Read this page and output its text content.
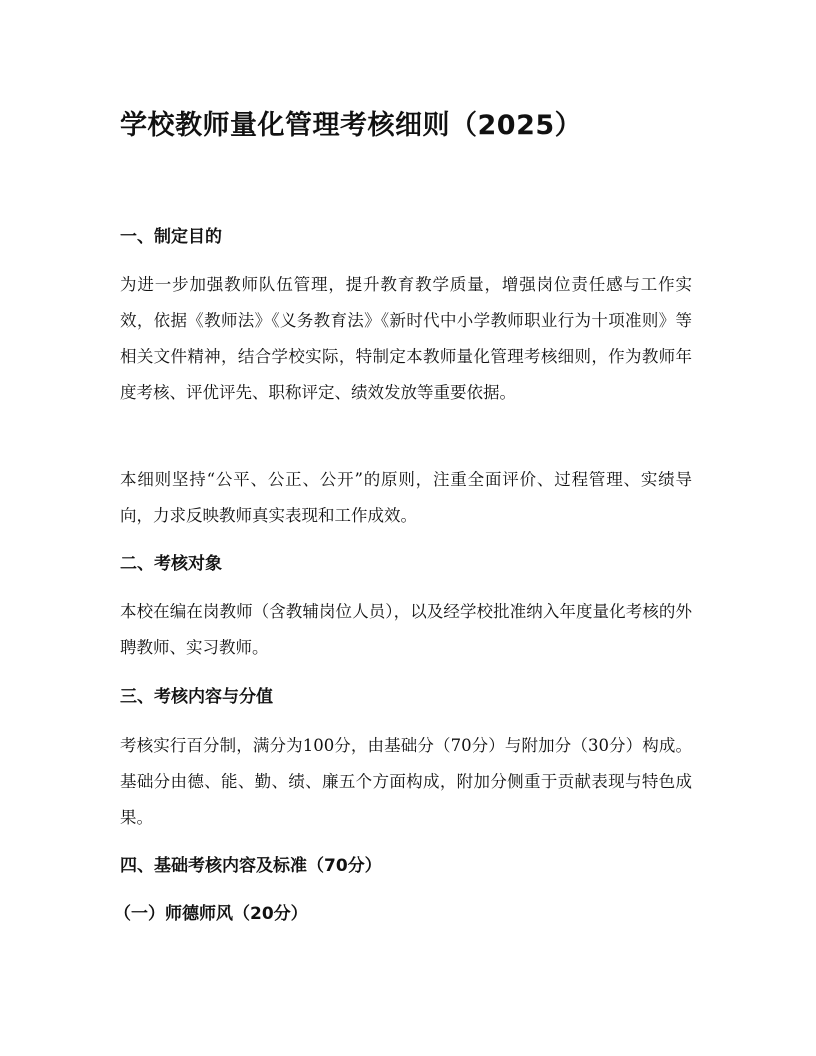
学校教师量化管理考核细则（2025）
一、制定目的

为进一步加强教师队伍管理，提升教育教学质量，增强岗位责任感与工作实效，依据《教师法》《义务教育法》《新时代中小学教师职业行为十项准则》等相关文件精神，结合学校实际，特制定本教师量化管理考核细则，作为教师年度考核、评优评先、职称评定、绩效发放等重要依据。

本细则坚持“公平、公正、公开”的原则，注重全面评价、过程管理、实绩导向，力求反映教师真实表现和工作成效。

二、考核对象

本校在编在岗教师（含教辅岗位人员），以及经学校批准纳入年度量化考核的外聘教师、实习教师。

三、考核内容与分值

考核实行百分制，满分为100分，由基础分（70分）与附加分（30分）构成。基础分由德、能、勤、绩、廉五个方面构成，附加分侧重于贡献表现与特色成果。

四、基础考核内容及标准（70分）
（一）师德师风（20分）
